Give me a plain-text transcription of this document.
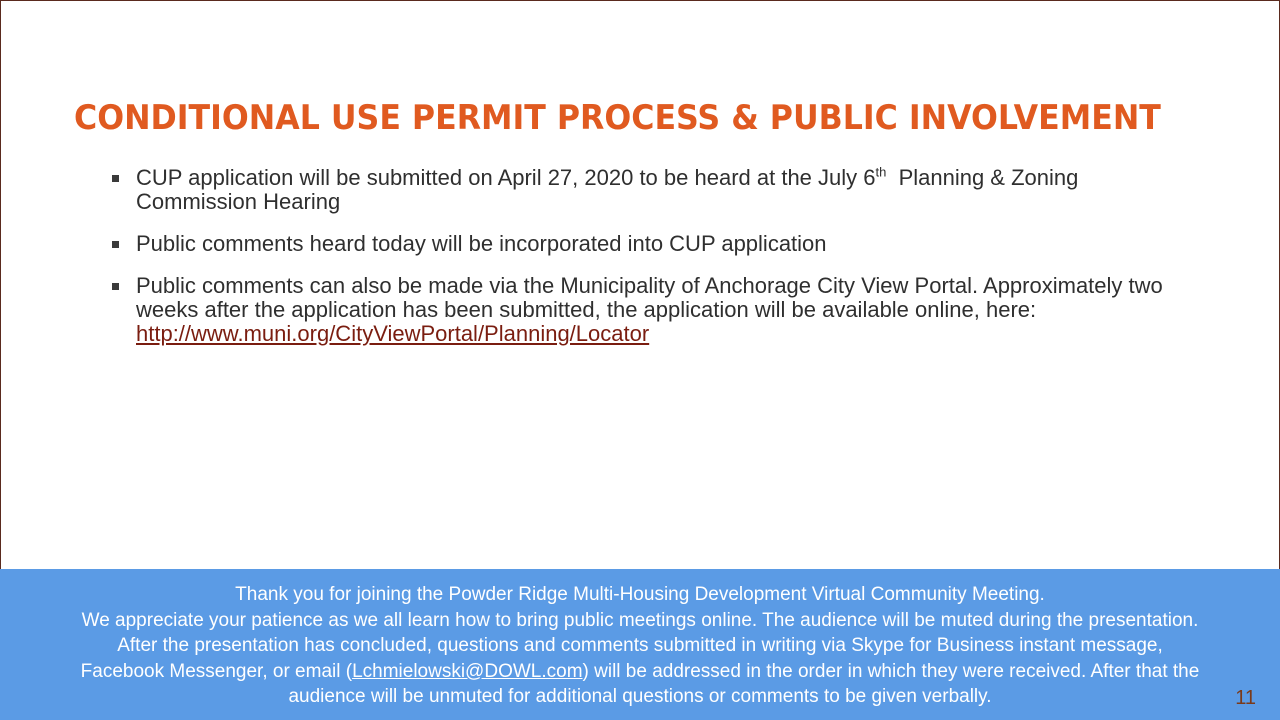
CONDITIONAL USE PERMIT PROCESS & PUBLIC INVOLVEMENT
CUP application will be submitted on April 27, 2020 to be heard at the July 6th  Planning & Zoning Commission Hearing
Public comments heard today will be incorporated into CUP application
Public comments can also be made via the Municipality of Anchorage City View Portal. Approximately two weeks after the application has been submitted, the application will be available online, here: http://www.muni.org/CityViewPortal/Planning/Locator
Thank you for joining the Powder Ridge Multi-Housing Development Virtual Community Meeting.
We appreciate your patience as we all learn how to bring public meetings online. The audience will be muted during the presentation.
After the presentation has concluded, questions and comments submitted in writing via Skype for Business instant message,
Facebook Messenger, or email (Lchmielowski@DOWL.com) will be addressed in the order in which they were received. After that the
audience will be unmuted for additional questions or comments to be given verbally.	11
